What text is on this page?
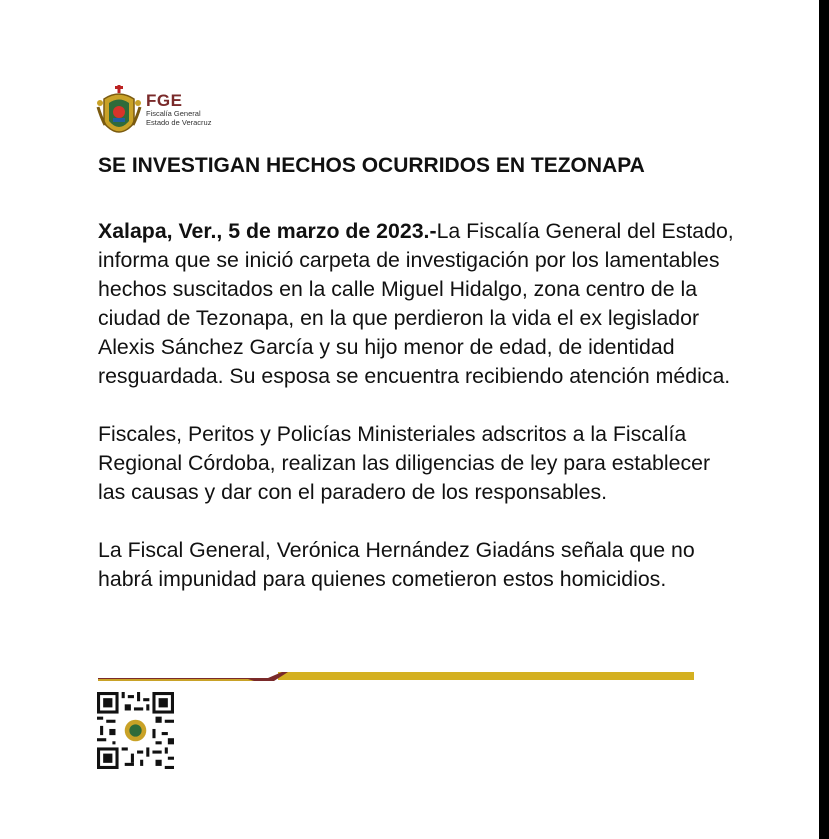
FGE
Fiscalía General
Estado de Veracruz
SE INVESTIGAN HECHOS OCURRIDOS EN TEZONAPA

Xalapa, Ver., 5 de marzo de 2023.-La Fiscalía General del Estado, informa que se inició carpeta de investigación por los lamentables hechos suscitados en la calle Miguel Hidalgo, zona centro de la ciudad de Tezonapa, en la que perdieron la vida el ex legislador Alexis Sánchez García y su hijo menor de edad, de identidad resguardada. Su esposa se encuentra recibiendo atención médica.

Fiscales, Peritos y Policías Ministeriales adscritos a la Fiscalía Regional Córdoba, realizan las diligencias de ley para establecer las causas y dar con el paradero de los responsables.

La Fiscal General, Verónica Hernández Giadáns señala que no habrá impunidad para quienes cometieron estos homicidios.
